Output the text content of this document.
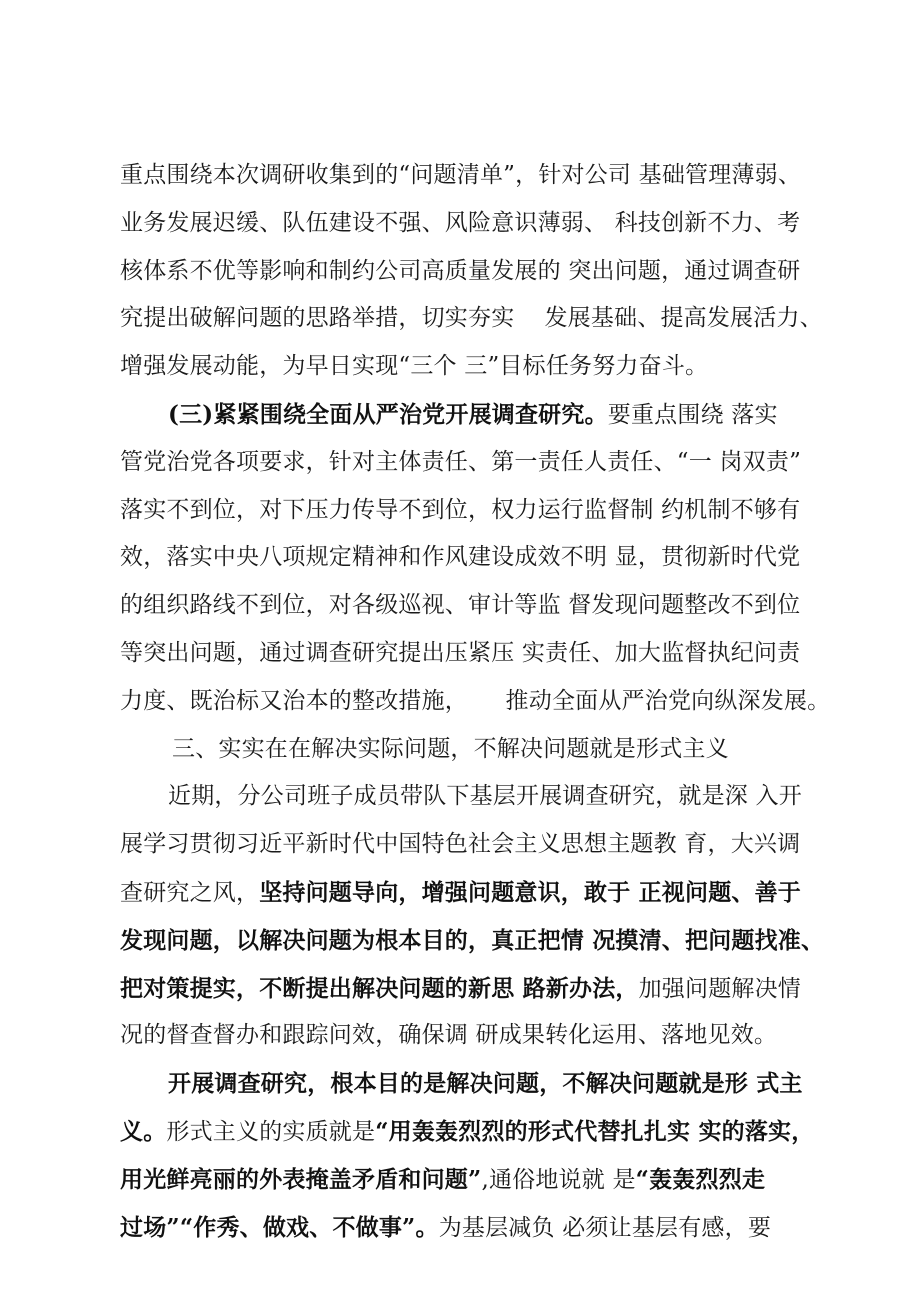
重点围绕本次调研收集到的“问题清单”，针对公司 基础管理薄弱、
业务发展迟缓、队伍建设不强、风险意识薄弱、 科技创新不力、考
核体系不优等影响和制约公司高质量发展的 突出问题，通过调查研
究提出破解问题的思路举措，切实夯实    发展基础、提高发展活力、
增强发展动能，为早日实现“三个 三”目标任务努力奋斗。
(三)紧紧围绕全面从严治党开展调查研究。要重点围绕 落实
管党治党各项要求，针对主体责任、第一责任人责任、“一 岗双责”
落实不到位，对下压力传导不到位，权力运行监督制 约机制不够有
效，落实中央八项规定精神和作风建设成效不明 显，贯彻新时代党
的组织路线不到位，对各级巡视、审计等监 督发现问题整改不到位
等突出问题，通过调查研究提出压紧压 实责任、加大监督执纪问责
力度、既治标又治本的整改措施，     推动全面从严治党向纵深发展。
三、实实在在解决实际问题，不解决问题就是形式主义
近期，分公司班子成员带队下基层开展调查研究，就是深 入开
展学习贯彻习近平新时代中国特色社会主义思想主题教 育，大兴调
查研究之风，坚持问题导向，增强问题意识，敢于 正视问题、善于
发现问题，以解决问题为根本目的，真正把情 况摸清、把问题找准、
把对策提实，不断提出解决问题的新思 路新办法，加强问题解决情
况的督查督办和跟踪问效，确保调 研成果转化运用、落地见效。
开展调查研究，根本目的是解决问题，不解决问题就是形 式主
义。形式主义的实质就是“用轰轰烈烈的形式代替扎扎实 实的落实，
用光鲜亮丽的外表掩盖矛盾和问题”,通俗地说就 是“轰轰烈烈走
过场”“作秀、做戏、不做事”。为基层减负 必须让基层有感，要
